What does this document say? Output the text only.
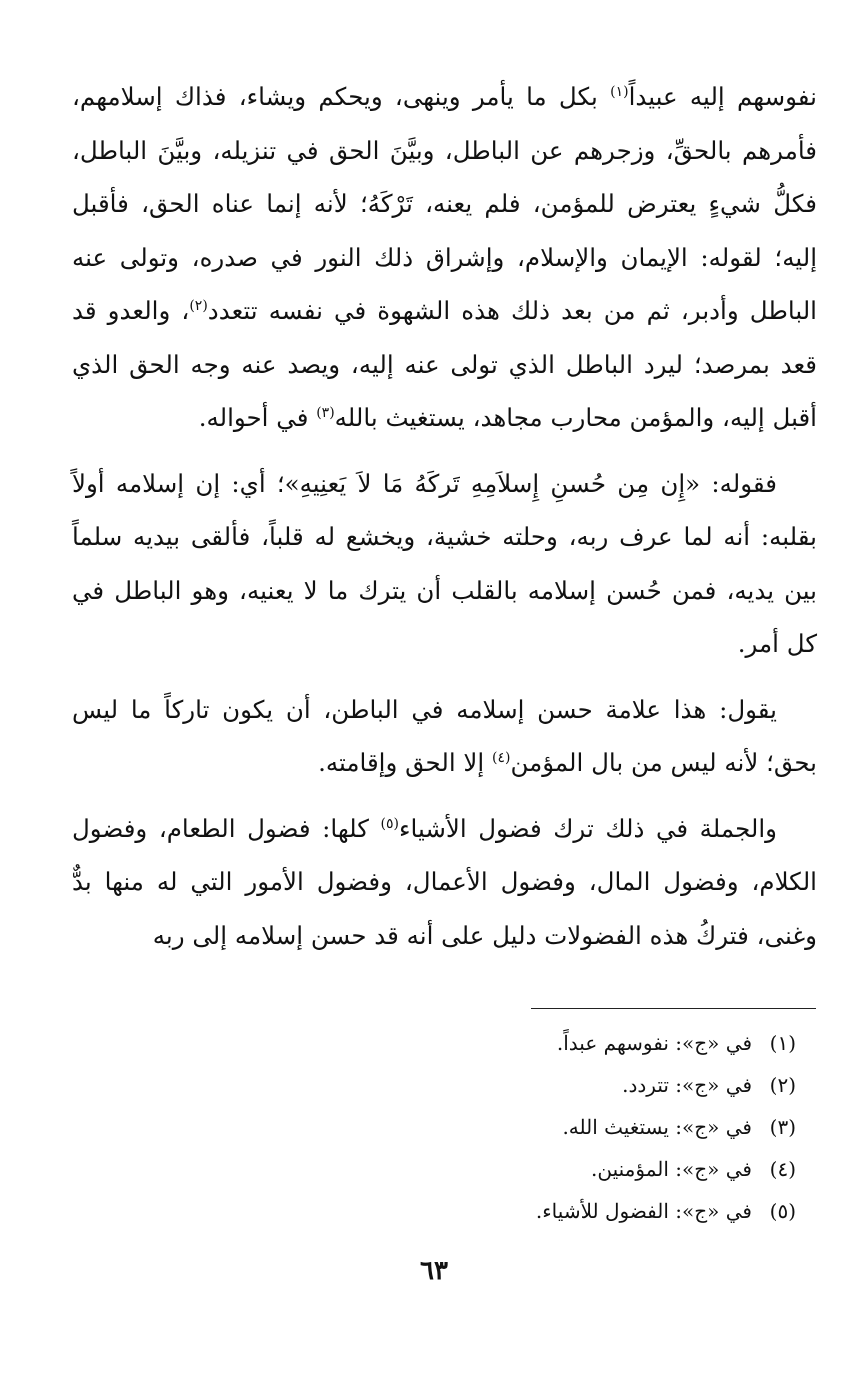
نفوسهم إليه عبيداً$^{(١)}$ بكل ما يأمر وينهى، ويحكم ويشاء، فذاك إسلامهم، فأمرهم بالحقِّ، وزجرهم عن الباطل، وبيَّنَ الحق في تنزيله، وبيَّنَ الباطل، فكلُّ شيءٍ يعترض للمؤمن، فلم يعنه، تَرْكَهُ؛ لأنه إنما عناه الحق، فأقبل إليه؛ لقوله: الإيمان والإسلام، وإشراق ذلك النور في صدره، وتولى عنه الباطل وأدبر، ثم من بعد ذلك هذه الشهوة في نفسه تتعدد$^{(٢)}$، والعدو قد قعد بمرصد؛ ليرد الباطل الذي تولى عنه إليه، ويصد عنه وجه الحق الذي أقبل إليه، والمؤمن محارب مجاهد، يستغيث بالله$^{(٣)}$ في أحواله.

فقوله: «إِن مِن حُسنِ إِسلاَمِهِ تَركَهُ مَا لاَ يَعنِيهِ»؛ أي: إن إسلامه أولاً بقلبه: أنه لما عرف ربه، وحلته خشية، ويخشع له قلباً، فألقى بيديه سلماً بين يديه، فمن حُسن إسلامه بالقلب أن يترك ما لا يعنيه، وهو الباطل في كل أمر.

يقول: هذا علامة حسن إسلامه في الباطن، أن يكون تاركاً ما ليس بحق؛ لأنه ليس من بال المؤمن$^{(٤)}$ إلا الحق وإقامته.

والجملة في ذلك ترك فضول الأشياء$^{(٥)}$ كلها: فضول الطعام، وفضول الكلام، وفضول المال، وفضول الأعمال، وفضول الأمور التي له منها بدٌّ وغنى، فتركُ هذه الفضولات دليل على أنه قد حسن إسلامه إلى ربه

(١)في «ج»: نفوسهم عبداً.
(٢)في «ج»: تتردد.
(٣)في «ج»: يستغيث الله.
(٤)في «ج»: المؤمنين.
(٥)في «ج»: الفضول للأشياء.
٦٣
